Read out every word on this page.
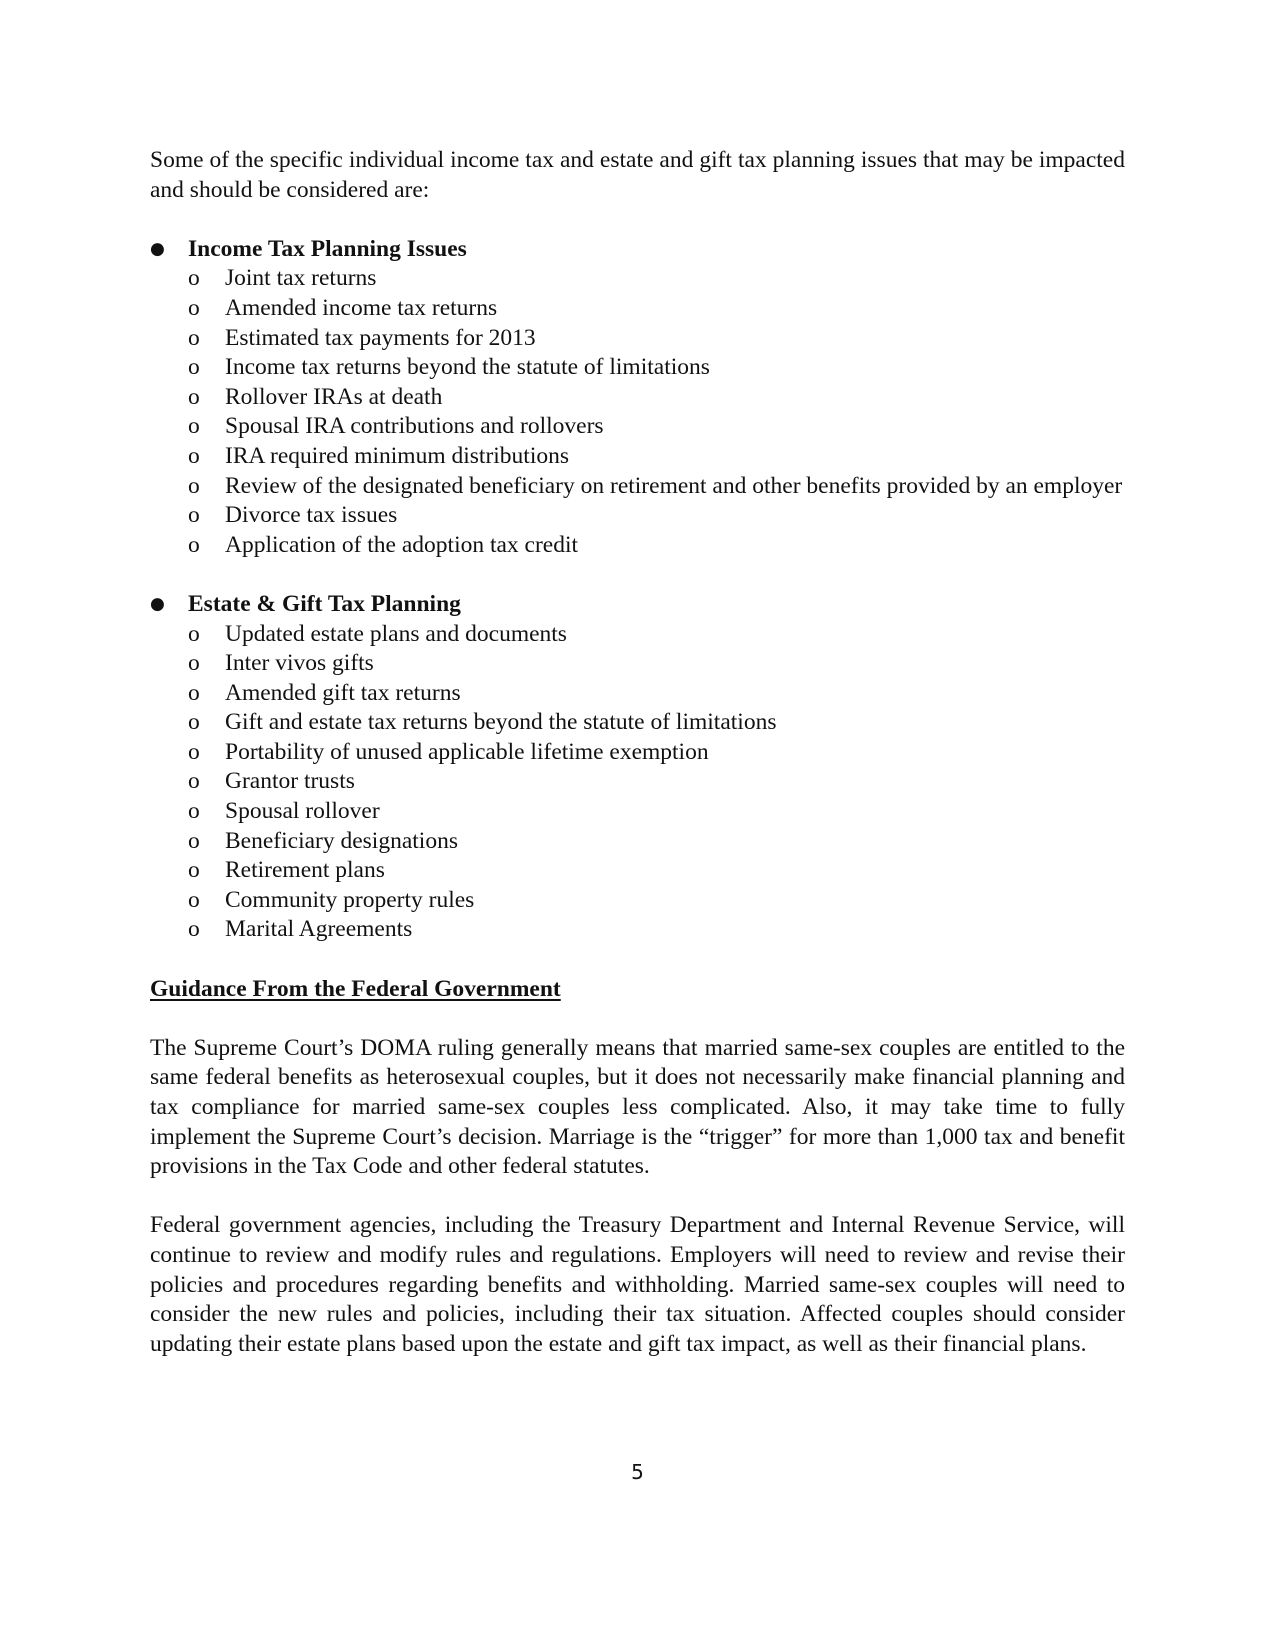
Some of the specific individual income tax and estate and gift tax planning issues that may be impacted and should be considered are:

● Income Tax Planning Issues
o Joint tax returns
o Amended income tax returns
o Estimated tax payments for 2013
o Income tax returns beyond the statute of limitations
o Rollover IRAs at death
o Spousal IRA contributions and rollovers
o IRA required minimum distributions
o Review of the designated beneficiary on retirement and other benefits provided by an employer
o Divorce tax issues
o Application of the adoption tax credit
● Estate & Gift Tax Planning
o Updated estate plans and documents
o Inter vivos gifts
o Amended gift tax returns
o Gift and estate tax returns beyond the statute of limitations
o Portability of unused applicable lifetime exemption
o Grantor trusts
o Spousal rollover
o Beneficiary designations
o Retirement plans
o Community property rules
o Marital Agreements

Guidance From the Federal Government

The Supreme Court’s DOMA ruling generally means that married same-sex couples are entitled to the same federal benefits as heterosexual couples, but it does not necessarily make financial planning and tax compliance for married same-sex couples less complicated. Also, it may take time to fully implement the Supreme Court’s decision. Marriage is the “trigger” for more than 1,000 tax and benefit provisions in the Tax Code and other federal statutes.

Federal government agencies, including the Treasury Department and Internal Revenue Service, will continue to review and modify rules and regulations. Employers will need to review and revise their policies and procedures regarding benefits and withholding. Married same-sex couples will need to consider the new rules and policies, including their tax situation. Affected couples should consider updating their estate plans based upon the estate and gift tax impact, as well as their financial plans.

5
